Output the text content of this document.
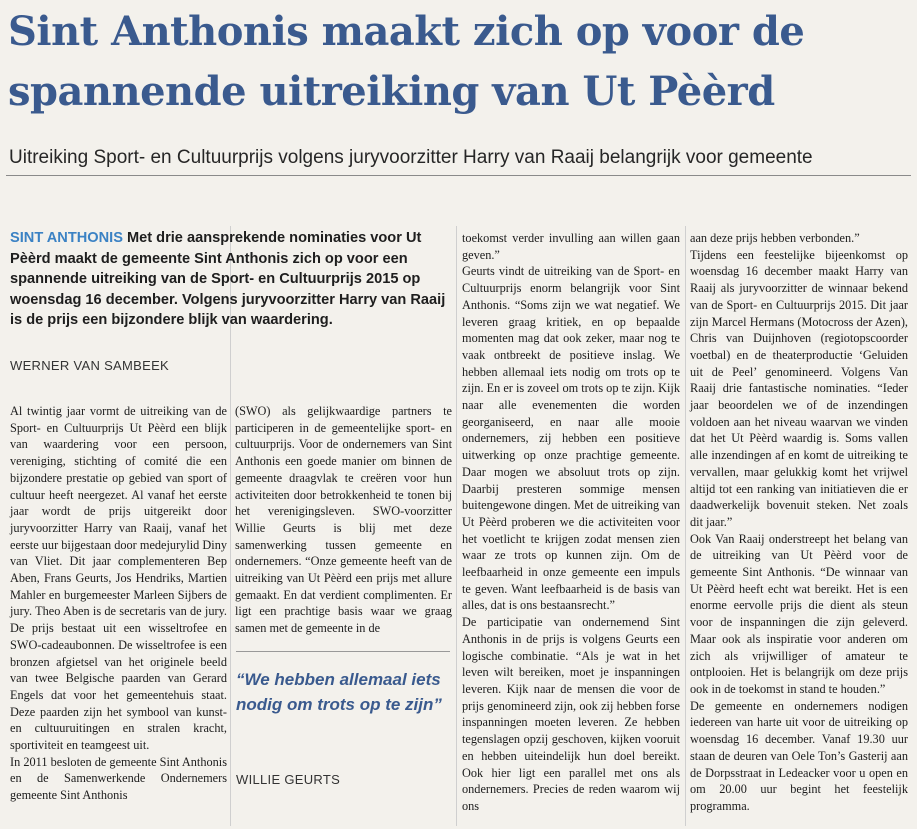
Sint Anthonis maakt zich op voor de
spannende uitreiking van Ut Pèèrd
Uitreiking Sport- en Cultuurprijs volgens juryvoorzitter Harry van Raaij belangrijk voor gemeente
SINT ANTHONIS Met drie aansprekende nominaties voor Ut Pèèrd maakt de gemeente Sint Anthonis zich op voor een spannende uitreiking van de Sport- en Cultuurprijs 2015 op woensdag 16 december. Volgens juryvoorzitter Harry van Raaij is de prijs een bijzondere blijk van waardering.
WERNER VAN SAMBEEK

Al twintig jaar vormt de uitreiking van de Sport- en Cultuurprijs Ut Pèèrd een blijk van waardering voor een persoon, vereniging, stichting of comité die een bijzondere prestatie op gebied van sport of cultuur heeft neergezet. Al vanaf het eerste jaar wordt de prijs uitgereikt door juryvoorzitter Harry van Raaij, vanaf het eerste uur bijgestaan door medejurylid Diny van Vliet. Dit jaar complementeren Bep Aben, Frans Geurts, Jos Hendriks, Martien Mahler en burgemeester Marleen Sijbers de jury. Theo Aben is de secretaris van de jury. De prijs bestaat uit een wisseltrofee en SWO-cadeaubonnen. De wisseltrofee is een bronzen afgietsel van het originele beeld van twee Belgische paarden van Gerard Engels dat voor het gemeentehuis staat. Deze paarden zijn het symbool van kunst- en cultuuruitingen en stralen kracht, sportiviteit en teamgeest uit.

In 2011 besloten de gemeente Sint Anthonis en de Samenwerkende Ondernemers gemeente Sint Anthonis

(SWO) als gelijkwaardige partners te participeren in de gemeentelijke sport- en cultuurprijs. Voor de ondernemers van Sint Anthonis een goede manier om binnen de gemeente draagvlak te creëren voor hun activiteiten door betrokkenheid te tonen bij het verenigingsleven. SWO-voorzitter Willie Geurts is blij met deze samenwerking tussen gemeente en ondernemers. “Onze gemeente heeft van de uitreiking van Ut Pèèrd een prijs met allure gemaakt. En dat verdient complimenten. Er ligt een prachtige basis waar we graag samen met de gemeente in de

“We hebben allemaal iets nodig om trots op te zijn”
WILLIE GEURTS

toekomst verder invulling aan willen gaan geven.”

Geurts vindt de uitreiking van de Sport- en Cultuurprijs enorm belangrijk voor Sint Anthonis. “Soms zijn we wat negatief. We leveren graag kritiek, en op bepaalde momenten mag dat ook zeker, maar nog te vaak ontbreekt de positieve inslag. We hebben allemaal iets nodig om trots op te zijn. En er is zoveel om trots op te zijn. Kijk naar alle evenementen die worden georganiseerd, en naar alle mooie ondernemers, zij hebben een positieve uitwerking op onze prachtige gemeente. Daar mogen we absoluut trots op zijn. Daarbij presteren sommige mensen buitengewone dingen. Met de uitreiking van Ut Pèèrd proberen we die activiteiten voor het voetlicht te krijgen zodat mensen zien waar ze trots op kunnen zijn. Om de leefbaarheid in onze gemeente een impuls te geven. Want leefbaarheid is de basis van alles, dat is ons bestaansrecht.”

De participatie van ondernemend Sint Anthonis in de prijs is volgens Geurts een logische combinatie. “Als je wat in het leven wilt bereiken, moet je inspanningen leveren. Kijk naar de mensen die voor de prijs genomineerd zijn, ook zij hebben forse inspanningen moeten leveren. Ze hebben tegenslagen opzij geschoven, kijken vooruit en hebben uiteindelijk hun doel bereikt. Ook hier ligt een parallel met ons als ondernemers. Precies de reden waarom wij ons

aan deze prijs hebben verbonden.”

Tijdens een feestelijke bijeenkomst op woensdag 16 december maakt Harry van Raaij als juryvoorzitter de winnaar bekend van de Sport- en Cultuurprijs 2015. Dit jaar zijn Marcel Hermans (Motocross der Azen), Chris van Duijnhoven (regiotopscoorder voetbal) en de theaterproductie ‘Geluiden uit de Peel’ genomineerd. Volgens Van Raaij drie fantastische nominaties. “Ieder jaar beoordelen we of de inzendingen voldoen aan het niveau waarvan we vinden dat het Ut Pèèrd waardig is. Soms vallen alle inzendingen af en komt de uitreiking te vervallen, maar gelukkig komt het vrijwel altijd tot een ranking van initiatieven die er daadwerkelijk bovenuit steken. Net zoals dit jaar.”

Ook Van Raaij onderstreept het belang van de uitreiking van Ut Pèèrd voor de gemeente Sint Anthonis. “De winnaar van Ut Pèèrd heeft echt wat bereikt. Het is een enorme eervolle prijs die dient als steun voor de inspanningen die zijn geleverd. Maar ook als inspiratie voor anderen om zich als vrijwilliger of amateur te ontplooien. Het is belangrijk om deze prijs ook in de toekomst in stand te houden.”

De gemeente en ondernemers nodigen iedereen van harte uit voor de uitreiking op woensdag 16 december. Vanaf 19.30 uur staan de deuren van Oele Ton’s Gasterij aan de Dorpsstraat in Ledeacker voor u open en om 20.00 uur begint het feestelijk programma.
